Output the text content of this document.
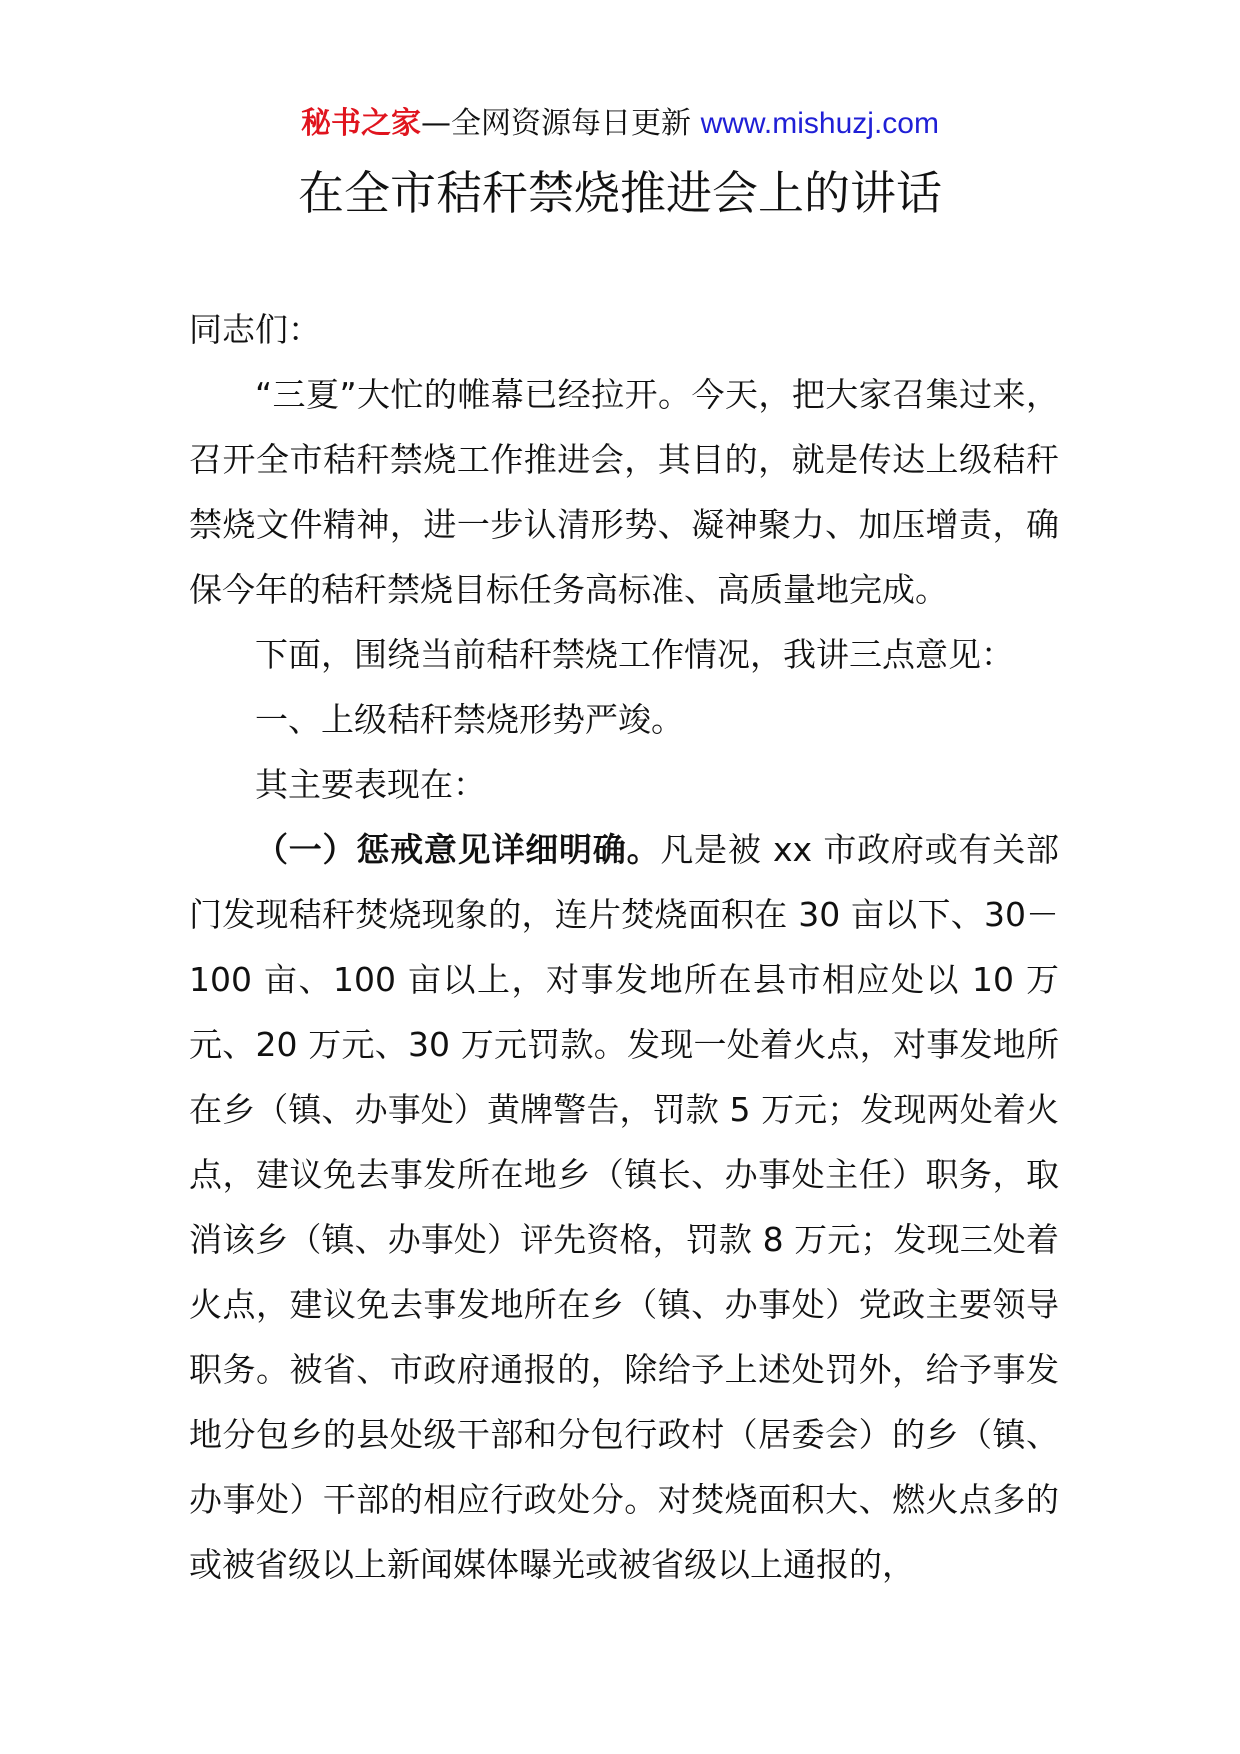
秘书之家—全网资源每日更新 www.mishuzj.com
在全市秸秆禁烧推进会上的讲话

同志们：

“三夏”大忙的帷幕已经拉开。今天，把大家召集过来，召开全市秸秆禁烧工作推进会，其目的，就是传达上级秸秆禁烧文件精神，进一步认清形势、凝神聚力、加压增责，确保今年的秸秆禁烧目标任务高标准、高质量地完成。

下面，围绕当前秸秆禁烧工作情况，我讲三点意见：

一、上级秸秆禁烧形势严竣。

其主要表现在：

（一）惩戒意见详细明确。凡是被 xx 市政府或有关部门发现秸秆焚烧现象的，连片焚烧面积在 30 亩以下、30－100 亩、100 亩以上，对事发地所在县市相应处以 10 万元、20 万元、30 万元罚款。发现一处着火点，对事发地所在乡（镇、办事处）黄牌警告，罚款 5 万元；发现两处着火点，建议免去事发所在地乡（镇长、办事处主任）职务，取消该乡（镇、办事处）评先资格，罚款 8 万元；发现三处着火点，建议免去事发地所在乡（镇、办事处）党政主要领导职务。被省、市政府通报的，除给予上述处罚外，给予事发地分包乡的县处级干部和分包行政村（居委会）的乡（镇、办事处）干部的相应行政处分。对焚烧面积大、燃火点多的或被省级以上新闻媒体曝光或被省级以上通报的，
